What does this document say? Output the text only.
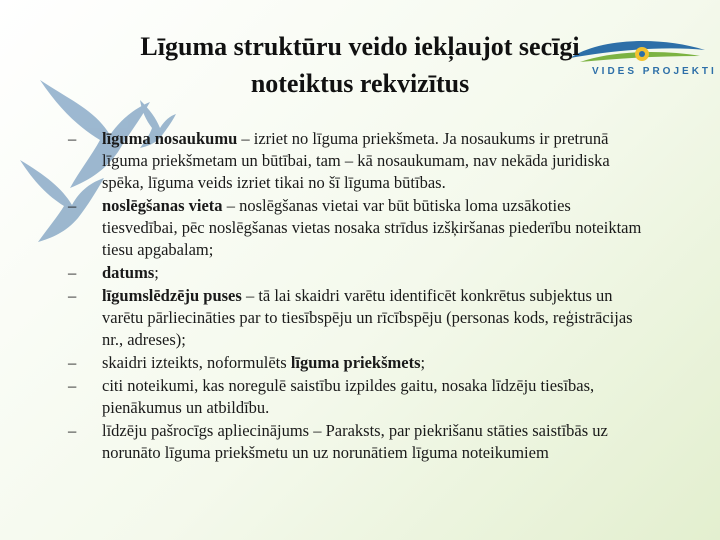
VIDES PROJEKTI
Līguma struktūru veido iekļaujot secīgi
noteiktus rekvizītus
– līguma nosaukumu – izriet no līguma priekšmeta. Ja nosaukums ir pretrunā līguma priekšmetam un būtībai, tam – kā nosaukumam, nav nekāda juridiska spēka, līguma veids izriet tikai no šī līguma būtības.
– noslēgšanas vieta – noslēgšanas vietai var būt būtiska loma uzsākoties tiesvedībai, pēc noslēgšanas vietas nosaka strīdus izšķiršanas piederību noteiktam tiesu apgabalam;
– datums;
– līgumslēdzēju puses – tā lai skaidri varētu identificēt konkrētus subjektus un varētu pārliecināties par to tiesībspēju un rīcībspēju (personas kods, reģistrācijas nr., adreses);
– skaidri izteikts, noformulēts līguma priekšmets;
– citi noteikumi, kas noregulē saistību izpildes gaitu, nosaka līdzēju tiesības, pienākumus un atbildību.
– līdzēju pašrocīgs apliecinājums – Paraksts, par piekrišanu stāties saistībās uz norunāto līguma priekšmetu un uz norunātiem līguma noteikumiem
